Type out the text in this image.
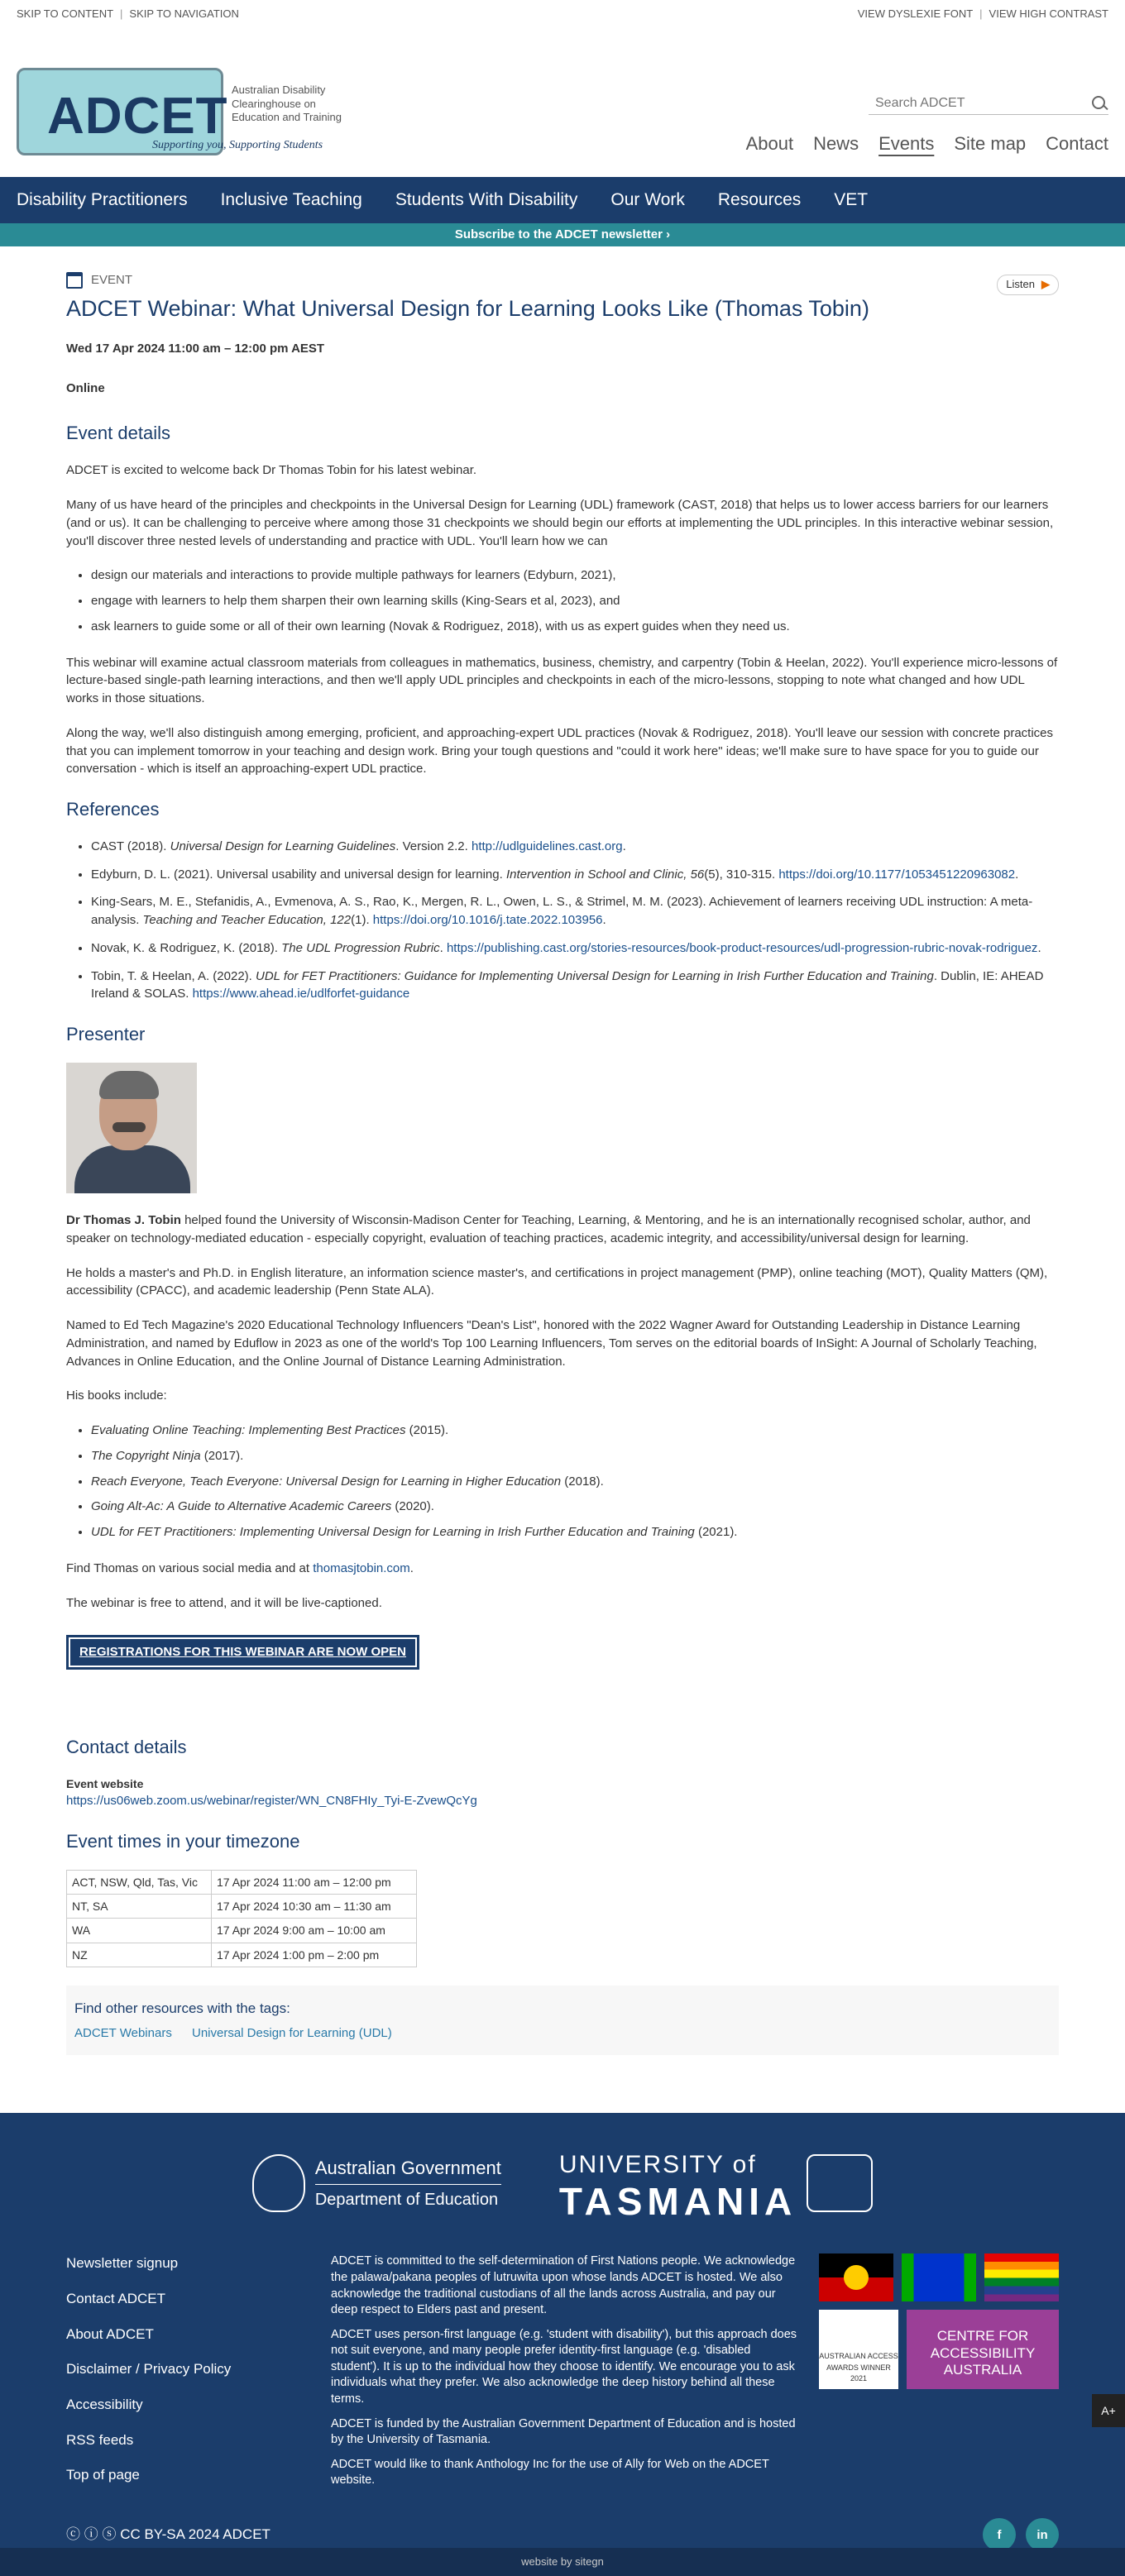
SKIP TO CONTENT | SKIP TO NAVIGATION	VIEW DYSLEXIE FONT | VIEW HIGH CONTRAST
ADCET Australian Disability
Clearinghouse on
Education and Training
Supporting you, Supporting Students
Search ADCET	About News Events Site map Contact
Disability Practitioners	Inclusive Teaching	Students With Disability	Our Work	Resources	VET
Subscribe to the ADCET newsletter ›
EVENT	Listen ▶
ADCET Webinar: What Universal Design for Learning Looks Like (Thomas Tobin)
Wed 17 Apr 2024 11:00 am – 12:00 pm AEST
Online
Event details

ADCET is excited to welcome back Dr Thomas Tobin for his latest webinar.

Many of us have heard of the principles and checkpoints in the Universal Design for Learning (UDL) framework (CAST, 2018) that helps us to lower access barriers for our learners (and or us). It can be challenging to perceive where among those 31 checkpoints we should begin our efforts at implementing the UDL principles. In this interactive webinar session, you'll discover three nested levels of understanding and practice with UDL. You'll learn how we can

• design our materials and interactions to provide multiple pathways for learners (Edyburn, 2021),
• engage with learners to help them sharpen their own learning skills (King-Sears et al, 2023), and
• ask learners to guide some or all of their own learning (Novak & Rodriguez, 2018), with us as expert guides when they need us.

This webinar will examine actual classroom materials from colleagues in mathematics, business, chemistry, and carpentry (Tobin & Heelan, 2022). You'll experience micro-lessons of lecture-based single-path learning interactions, and then we'll apply UDL principles and checkpoints in each of the micro-lessons, stopping to note what changed and how UDL works in those situations.

Along the way, we'll also distinguish among emerging, proficient, and approaching-expert UDL practices (Novak & Rodriguez, 2018). You'll leave our session with concrete practices that you can implement tomorrow in your teaching and design work. Bring your tough questions and "could it work here" ideas; we'll make sure to have space for you to guide our conversation - which is itself an approaching-expert UDL practice.

References
• CAST (2018). Universal Design for Learning Guidelines. Version 2.2. http://udlguidelines.cast.org.
• Edyburn, D. L. (2021). Universal usability and universal design for learning. Intervention in School and Clinic, 56(5), 310-315. https://doi.org/10.1177/1053451220963082.
• King-Sears, M. E., Stefanidis, A., Evmenova, A. S., Rao, K., Mergen, R. L., Owen, L. S., & Strimel, M. M. (2023). Achievement of learners receiving UDL instruction: A meta-analysis. Teaching and Teacher Education, 122(1). https://doi.org/10.1016/j.tate.2022.103956.
• Novak, K. & Rodriguez, K. (2018). The UDL Progression Rubric. https://publishing.cast.org/stories-resources/book-product-resources/udl-progression-rubric-novak-rodriguez.
• Tobin, T. & Heelan, A. (2022). UDL for FET Practitioners: Guidance for Implementing Universal Design for Learning in Irish Further Education and Training. Dublin, IE: AHEAD Ireland & SOLAS. https://www.ahead.ie/udlforfet-guidance
Presenter

Dr Thomas J. Tobin helped found the University of Wisconsin-Madison Center for Teaching, Learning, & Mentoring, and he is an internationally recognised scholar, author, and speaker on technology-mediated education - especially copyright, evaluation of teaching practices, academic integrity, and accessibility/universal design for learning.

He holds a master's and Ph.D. in English literature, an information science master's, and certifications in project management (PMP), online teaching (MOT), Quality Matters (QM), accessibility (CPACC), and academic leadership (Penn State ALA).

Named to Ed Tech Magazine's 2020 Educational Technology Influencers "Dean's List", honored with the 2022 Wagner Award for Outstanding Leadership in Distance Learning Administration, and named by Eduflow in 2023 as one of the world's Top 100 Learning Influencers, Tom serves on the editorial boards of InSight: A Journal of Scholarly Teaching, Advances in Online Education, and the Online Journal of Distance Learning Administration.

His books include:

• Evaluating Online Teaching: Implementing Best Practices (2015).
• The Copyright Ninja (2017).
• Reach Everyone, Teach Everyone: Universal Design for Learning in Higher Education (2018).
• Going Alt-Ac: A Guide to Alternative Academic Careers (2020).
• UDL for FET Practitioners: Implementing Universal Design for Learning in Irish Further Education and Training (2021).

Find Thomas on various social media and at thomasjtobin.com.

The webinar is free to attend, and it will be live-captioned.

REGISTRATIONS FOR THIS WEBINAR ARE NOW OPEN
Contact details
Event website
https://us06web.zoom.us/webinar/register/WN_CN8FHIy_Tyi-E-ZvewQcYg
Event times in your timezone
ACT, NSW, Qld, Tas, Vic	17 Apr 2024 11:00 am – 12:00 pm
NT, SA	17 Apr 2024 10:30 am – 11:30 am
WA	17 Apr 2024 9:00 am – 10:00 am
NZ	17 Apr 2024 1:00 pm – 2:00 pm
Find other resources with the tags:
ADCET Webinars Universal Design for Learning (UDL)
Australian Government
Department of Education
UNIVERSITY of
TASMANIA
Newsletter signup
Contact ADCET
About ADCET
Disclaimer / Privacy Policy
Accessibility
RSS feeds
Top of page

ADCET is committed to the self-determination of First Nations people. We acknowledge the palawa/pakana peoples of lutruwita upon whose lands ADCET is hosted. We also acknowledge the traditional custodians of all the lands across Australia, and pay our deep respect to Elders past and present.

ADCET uses person-first language (e.g. 'student with disability'), but this approach does not suit everyone, and many people prefer identity-first language (e.g. 'disabled student'). It is up to the individual how they choose to identify. We encourage you to ask individuals what they prefer. We also acknowledge the deep history behind all these terms.

ADCET is funded by the Australian Government Department of Education and is hosted by the University of Tasmania.

ADCET would like to thank Anthology Inc for the use of Ally for Web on the ADCET website.

AUSTRALIAN ACCESS AWARDS WINNER 2021
CENTRE FOR ACCESSIBILITY AUSTRALIA
ⓒ ⓘ ⓢ CC BY-SA 2024 ADCET	f	in
A+
website by sitegn
